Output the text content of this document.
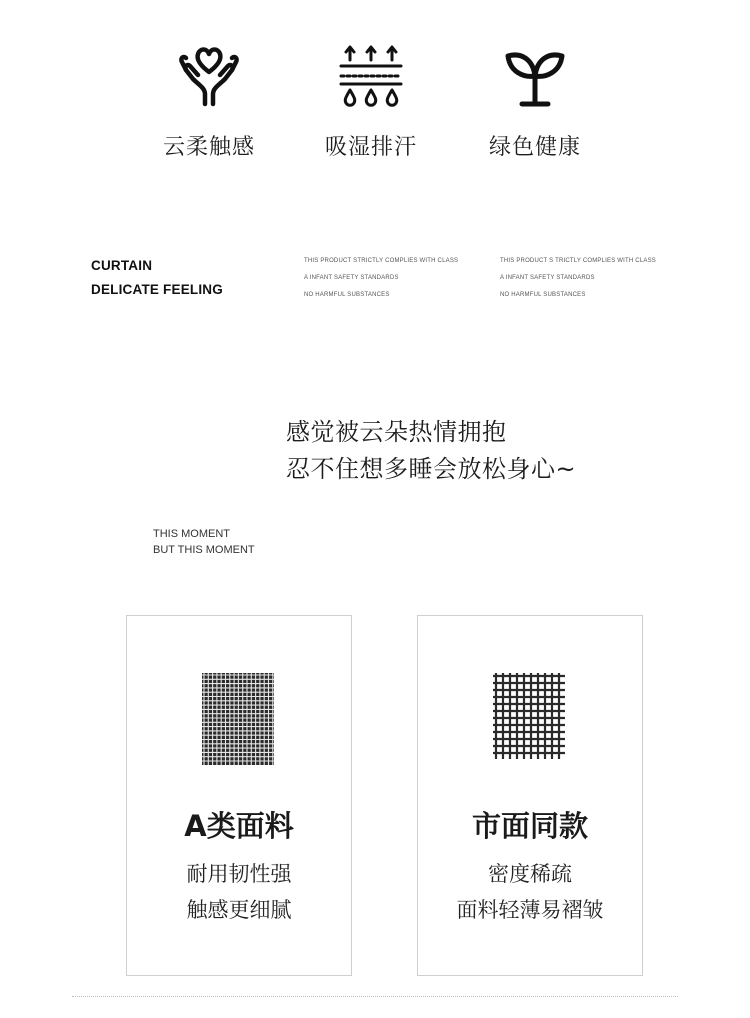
云柔触感	吸湿排汗	绿色健康
CURTAIN
DELICATE FEELING
THIS PRODUCT STRICTLY COMPLIES WITH CLASS
A INFANT SAFETY STANDARDS
NO HARMFUL SUBSTANCES
THIS PRODUCT S TRICTLY COMPLIES WITH CLASS
A INFANT SAFETY STANDARDS
NO HARMFUL SUBSTANCES
感觉被云朵热情拥抱
忍不住想多睡会放松身心~
THIS MOMENT
BUT THIS MOMENT
A类面料
耐用韧性强
触感更细腻
市面同款
密度稀疏
面料轻薄易褶皱
